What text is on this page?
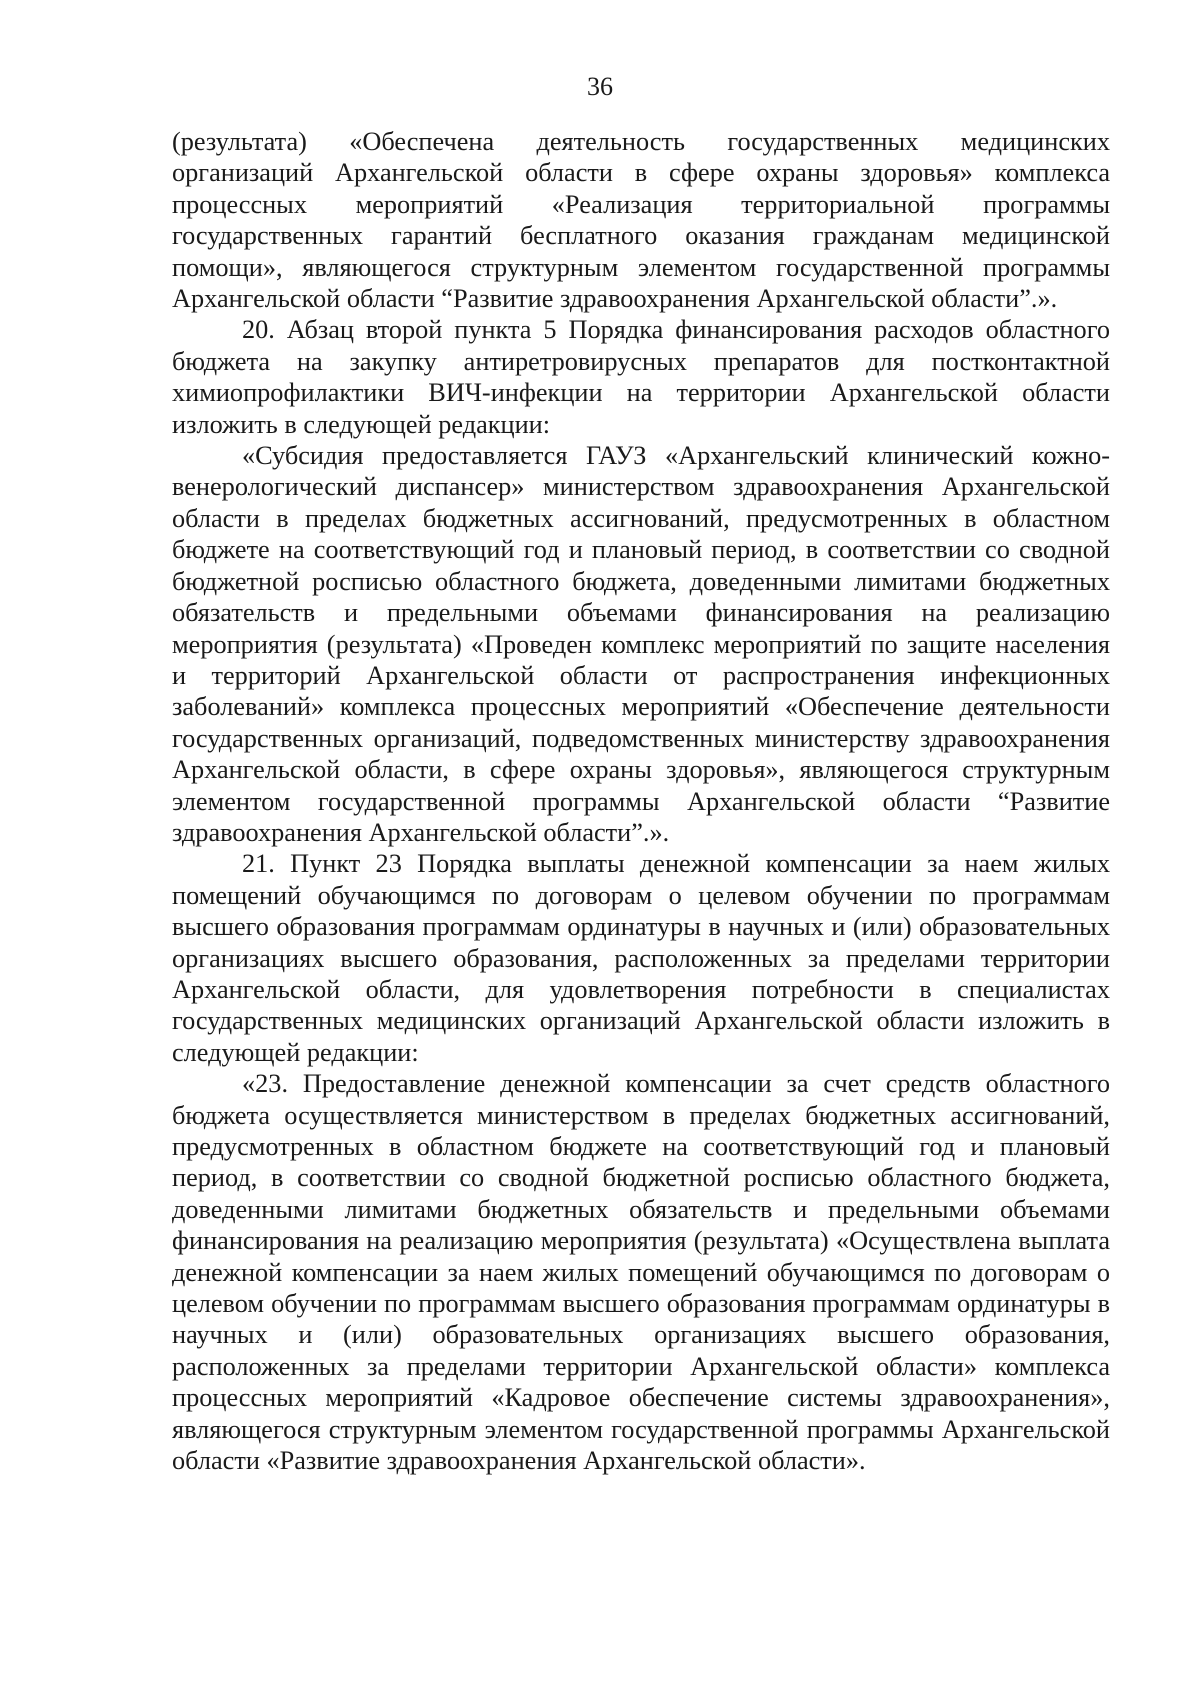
36

(результата) «Обеспечена деятельность государственных медицинских организаций Архангельской области в сфере охраны здоровья» комплекса процессных мероприятий «Реализация территориальной программы государственных гарантий бесплатного оказания гражданам медицинской помощи», являющегося структурным элементом государственной программы Архангельской области “Развитие здравоохранения Архангельской области”.».

20. Абзац второй пункта 5 Порядка финансирования расходов областного бюджета на закупку антиретровирусных препаратов для постконтактной химиопрофилактики ВИЧ-инфекции на территории Архангельской области изложить в следующей редакции:

«Субсидия предоставляется ГАУЗ «Архангельский клинический кожно-венерологический диспансер» министерством здравоохранения Архангельской области в пределах бюджетных ассигнований, предусмотренных в областном бюджете на соответствующий год и плановый период, в соответствии со сводной бюджетной росписью областного бюджета, доведенными лимитами бюджетных обязательств и предельными объемами финансирования на реализацию мероприятия (результата) «Проведен комплекс мероприятий по защите населения и территорий Архангельской области от распространения инфекционных заболеваний» комплекса процессных мероприятий «Обеспечение деятельности государственных организаций, подведомственных министерству здравоохранения Архангельской области, в сфере охраны здоровья», являющегося структурным элементом государственной программы Архангельской области “Развитие здравоохранения Архангельской области”.».

21. Пункт 23 Порядка выплаты денежной компенсации за наем жилых помещений обучающимся по договорам о целевом обучении по программам высшего образования программам ординатуры в научных и (или) образовательных организациях высшего образования, расположенных за пределами территории Архангельской области, для удовлетворения потребности в специалистах государственных медицинских организаций Архангельской области изложить в следующей редакции:

«23. Предоставление денежной компенсации за счет средств областного бюджета осуществляется министерством в пределах бюджетных ассигнований, предусмотренных в областном бюджете на соответствующий год и плановый период, в соответствии со сводной бюджетной росписью областного бюджета, доведенными лимитами бюджетных обязательств и предельными объемами финансирования на реализацию мероприятия (результата) «Осуществлена выплата денежной компенсации за наем жилых помещений обучающимся по договорам о целевом обучении по программам высшего образования программам ординатуры в научных и (или) образовательных организациях высшего образования, расположенных за пределами территории Архангельской области» комплекса процессных мероприятий «Кадровое обеспечение системы здравоохранения», являющегося структурным элементом государственной программы Архангельской области «Развитие здравоохранения Архангельской области».
